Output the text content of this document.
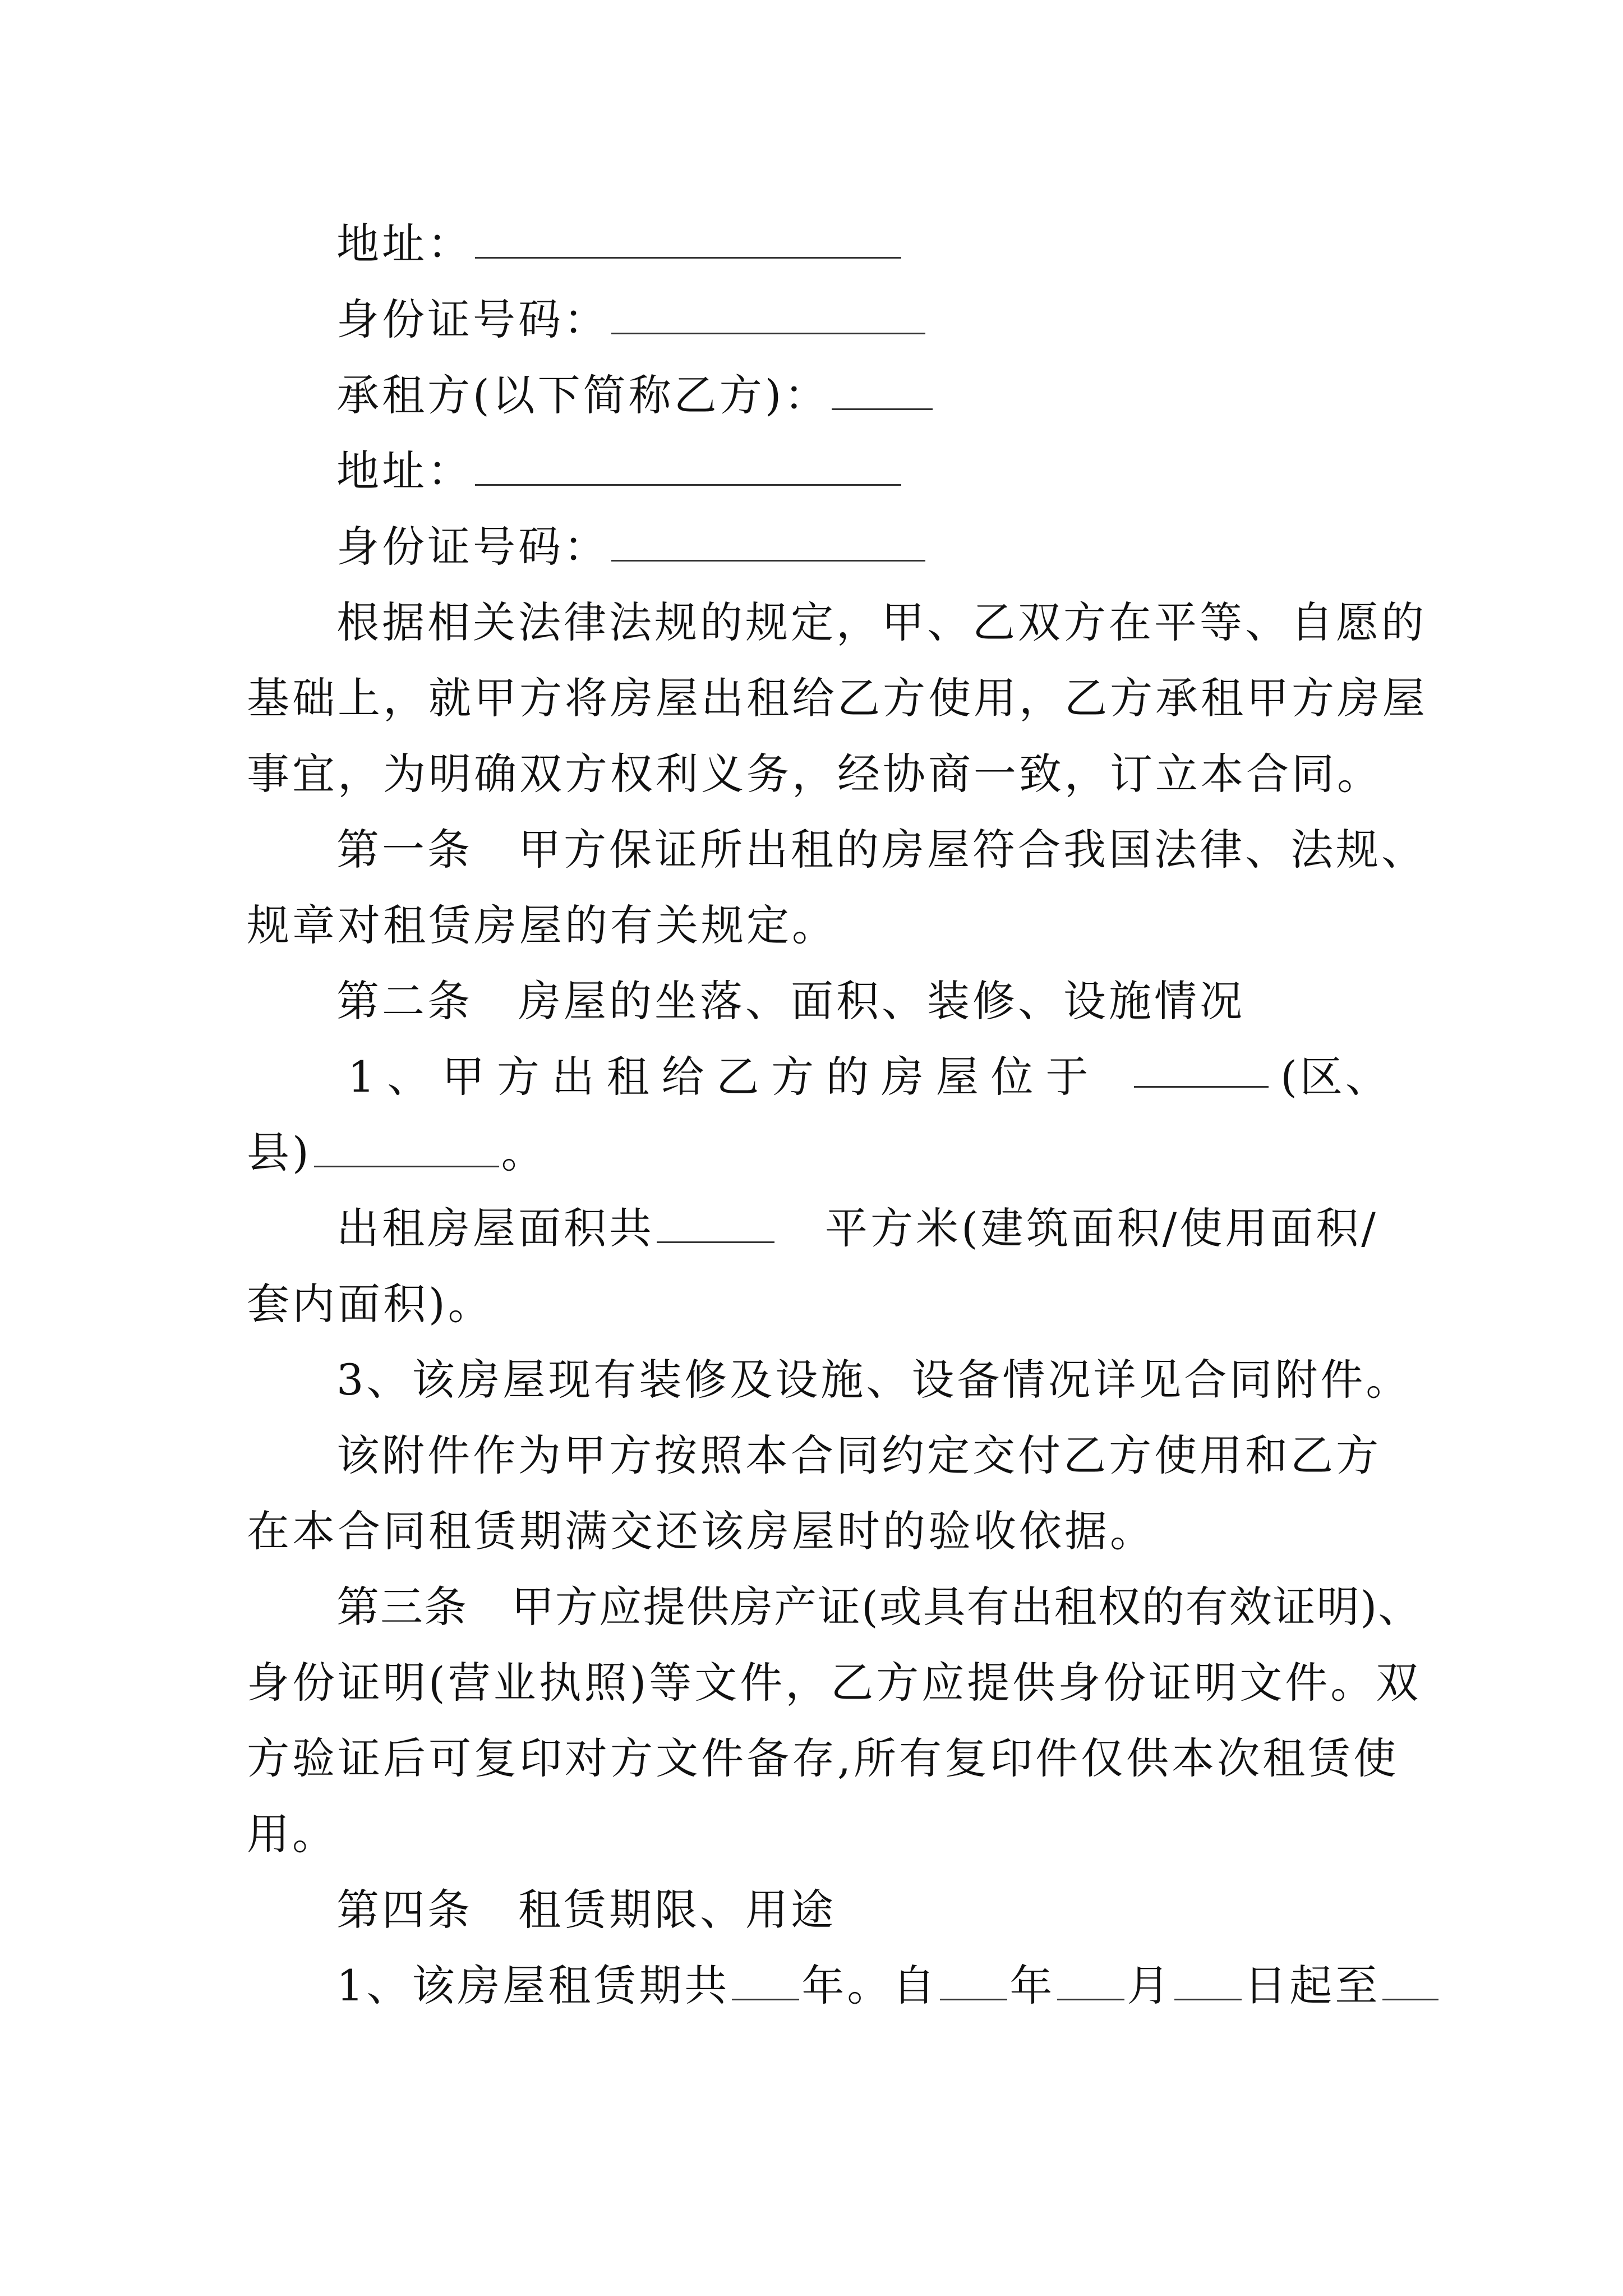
地址：
身份证号码：
承租方(以下简称乙方)：
地址：
身份证号码：
根据相关法律法规的规定，甲、乙双方在平等、自愿的
基础上，就甲方将房屋出租给乙方使用，乙方承租甲方房屋
事宜，为明确双方权利义务，经协商一致，订立本合同。
第一条　甲方保证所出租的房屋符合我国法律、法规、
规章对租赁房屋的有关规定。
第二条　房屋的坐落、面积、装修、设施情况
(区、
1 、 甲 方 出 租 给 乙 方 的 房 屋 位 于
县)	。
出租房屋面积共	平方米(建筑面积/使用面积/
套内面积)。
3、该房屋现有装修及设施、设备情况详见合同附件。
该附件作为甲方按照本合同约定交付乙方使用和乙方
在本合同租赁期满交还该房屋时的验收依据。
第三条　甲方应提供房产证(或具有出租权的有效证明)、
身份证明(营业执照)等文件，乙方应提供身份证明文件。双
方验证后可复印对方文件备存,所有复印件仅供本次租赁使
用。
第四条　租赁期限、用途
1、该房屋租赁期共 年。自 年 月 日起至
